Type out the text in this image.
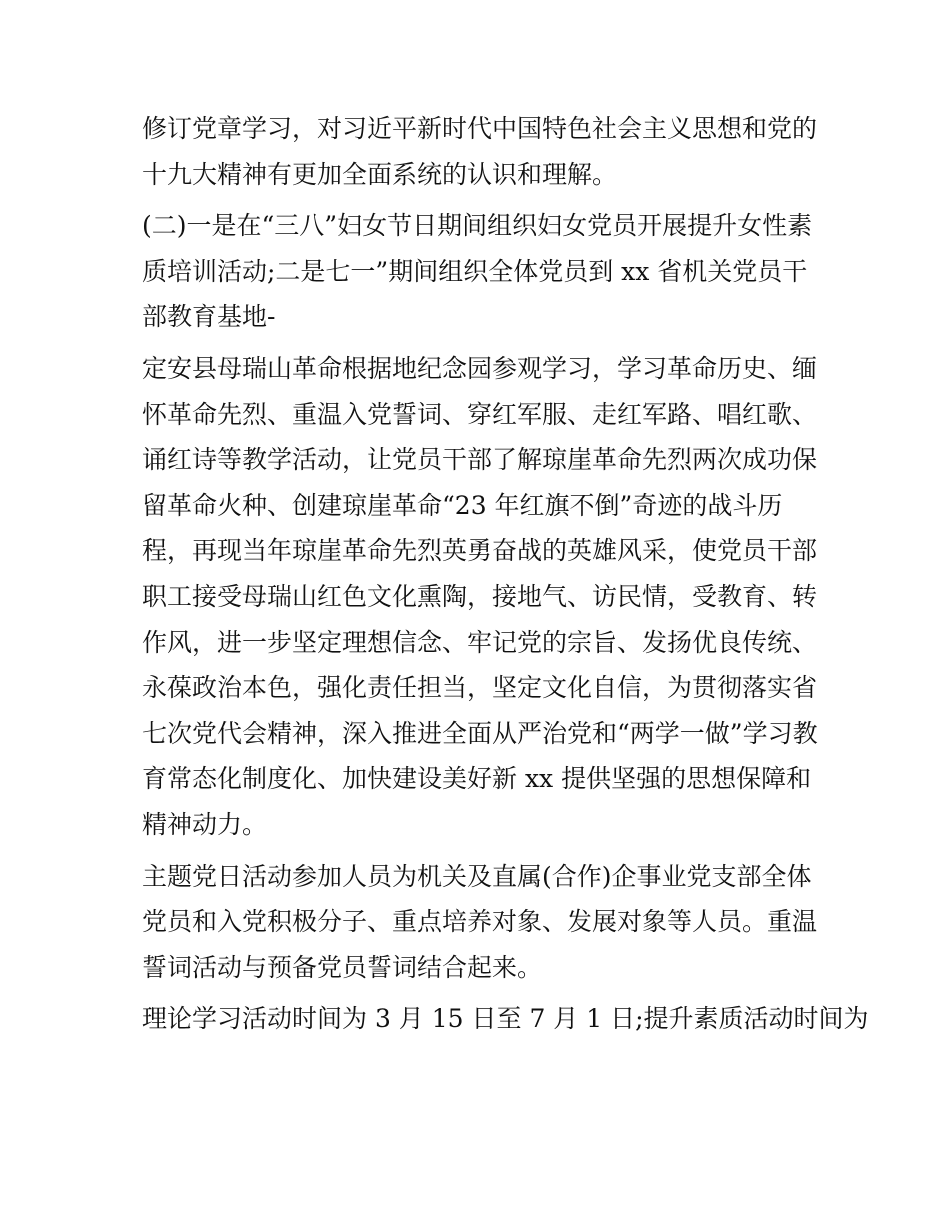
修订党章学习，对习近平新时代中国特色社会主义思想和党的
十九大精神有更加全面系统的认识和理解。
(二)一是在“三八”妇女节日期间组织妇女党员开展提升女性素
质培训活动;二是七一”期间组织全体党员到 xx 省机关党员干
部教育基地-
定安县母瑞山革命根据地纪念园参观学习，学习革命历史、缅
怀革命先烈、重温入党誓词、穿红军服、走红军路、唱红歌、
诵红诗等教学活动，让党员干部了解琼崖革命先烈两次成功保
留革命火种、创建琼崖革命“23 年红旗不倒”奇迹的战斗历
程，再现当年琼崖革命先烈英勇奋战的英雄风采，使党员干部
职工接受母瑞山红色文化熏陶，接地气、访民情，受教育、转
作风，进一步坚定理想信念、牢记党的宗旨、发扬优良传统、
永葆政治本色，强化责任担当，坚定文化自信，为贯彻落实省
七次党代会精神，深入推进全面从严治党和“两学一做”学习教
育常态化制度化、加快建设美好新 xx 提供坚强的思想保障和
精神动力。
主题党日活动参加人员为机关及直属(合作)企事业党支部全体
党员和入党积极分子、重点培养对象、发展对象等人员。重温
誓词活动与预备党员誓词结合起来。
理论学习活动时间为 3 月 15 日至 7 月 1 日;提升素质活动时间为
